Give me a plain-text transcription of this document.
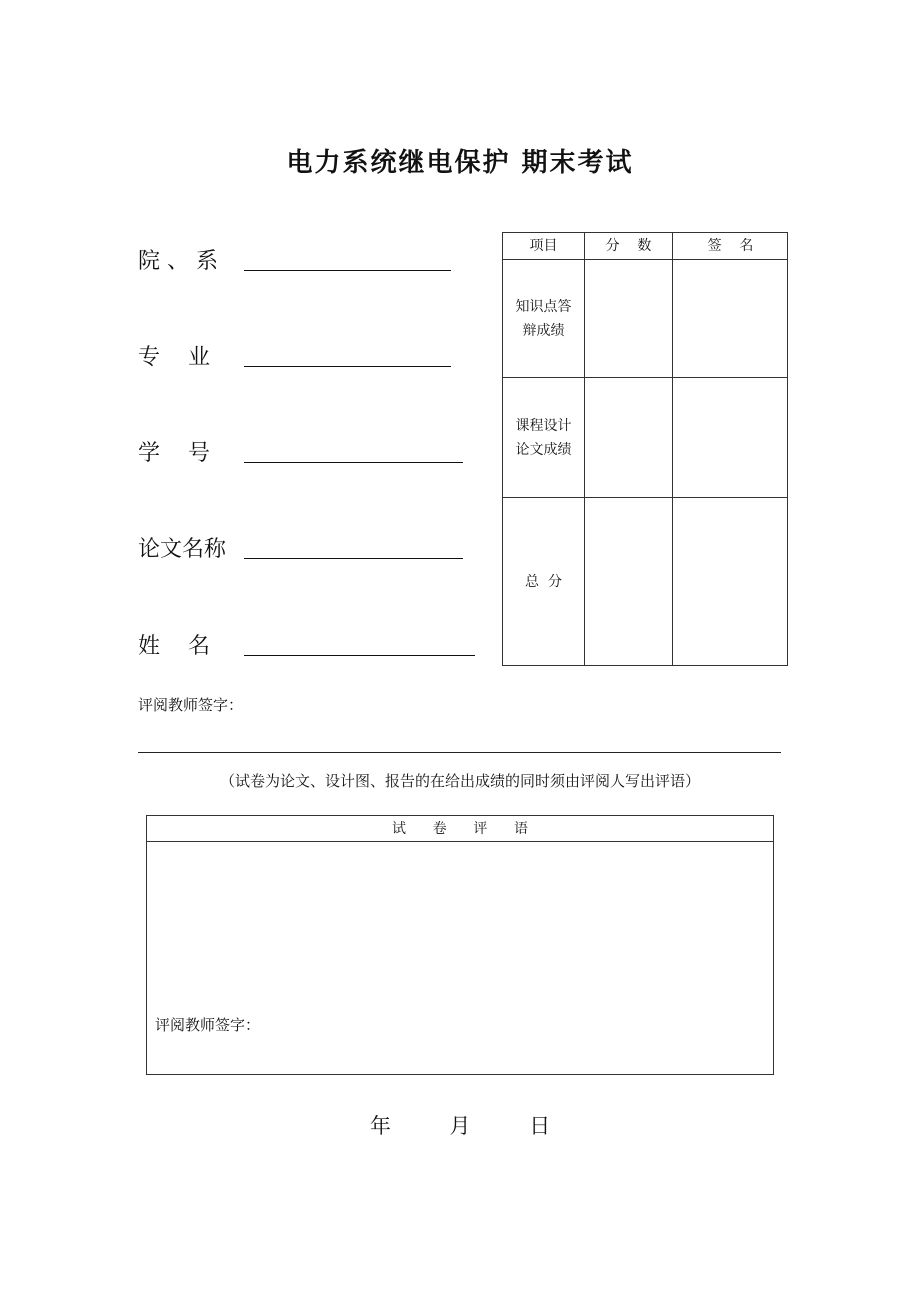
电力系统继电保护 期末考试
院 、 系
专    业
学    号
论文名称
姓    名
项目	分    数	签    名
知识点答
辩成绩
课程设计
论文成绩
总  分
评阅教师签字：
（试卷为论文、设计图、报告的在给出成绩的同时须由评阅人写出评语）
试      卷      评      语
评阅教师签字：
年	月	日
